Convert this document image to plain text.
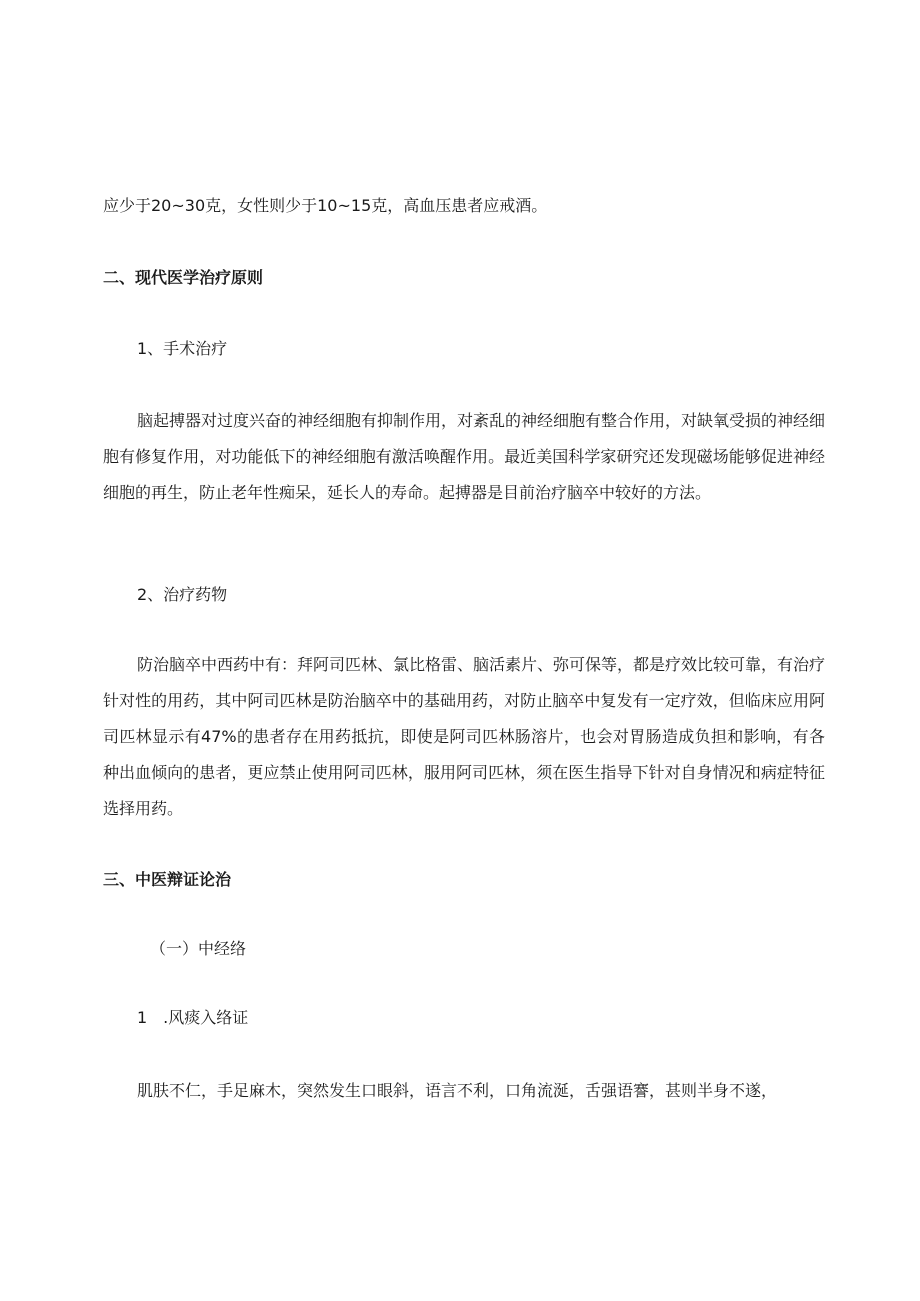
应少于20~30克，女性则少于10~15克，高血压患者应戒酒。
二、现代医学治疗原则
1、手术治疗

脑起搏器对过度兴奋的神经细胞有抑制作用，对紊乱的神经细胞有整合作用，对缺氧受损的神经细胞有修复作用，对功能低下的神经细胞有激活唤醒作用。最近美国科学家研究还发现磁场能够促进神经细胞的再生，防止老年性痴呆，延长人的寿命。起搏器是目前治疗脑卒中较好的方法。

2、治疗药物

防治脑卒中西药中有：拜阿司匹林、氯比格雷、脑活素片、弥可保等，都是疗效比较可靠，有治疗针对性的用药，其中阿司匹林是防治脑卒中的基础用药，对防止脑卒中复发有一定疗效，但临床应用阿司匹林显示有47%的患者存在用药抵抗，即使是阿司匹林肠溶片，也会对胃肠造成负担和影响，有各种出血倾向的患者，更应禁止使用阿司匹林，服用阿司匹林，须在医生指导下针对自身情况和病症特征选择用药。

三、中医辩证论治
（一）中经络
1　.风痰入络证
肌肤不仁，手足麻木，突然发生口眼斜，语言不利，口角流涎，舌强语謇，甚则半身不遂，
